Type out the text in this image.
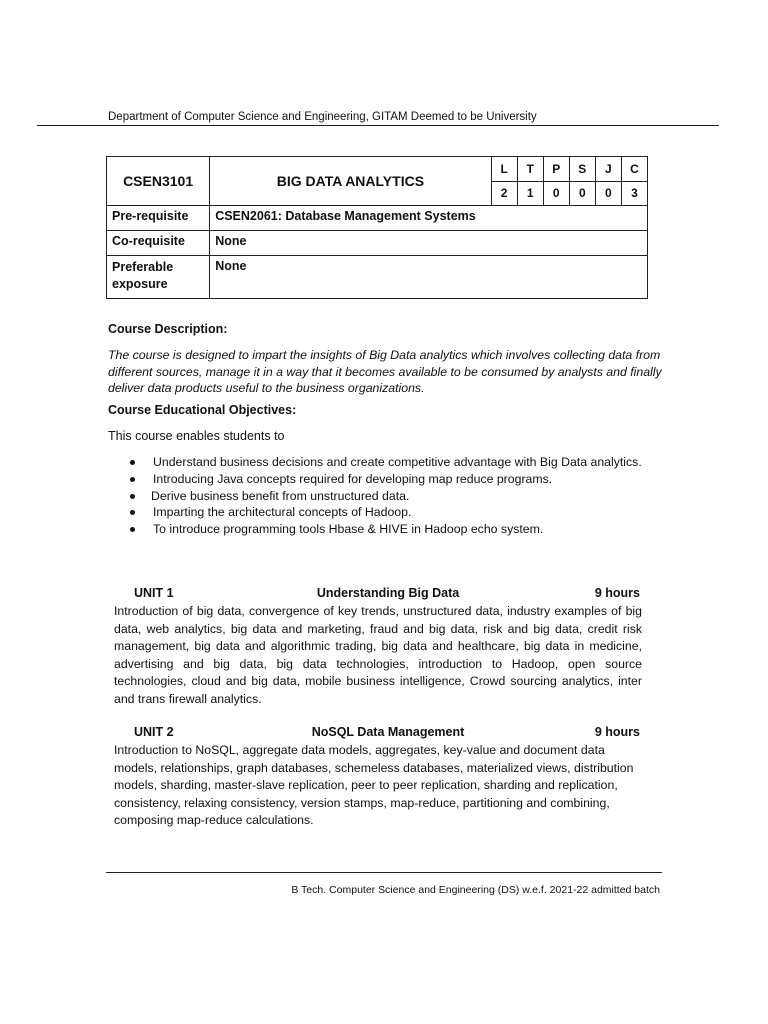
Department of Computer Science and Engineering, GITAM Deemed to be University
CSEN3101	BIG DATA ANALYTICS	L	T	P	S	J	C
		2	1	0	0	0	3
Pre-requisite	CSEN2061: Database Management Systems						
Co-requisite	None						
Preferable exposure	None						
Course Description:
The course is designed to impart the insights of Big Data analytics which involves collecting data from different sources, manage it in a way that it becomes available to be consumed by analysts and finally deliver data products useful to the business organizations.
Course Educational Objectives:
This course enables students to
Understand business decisions and create competitive advantage with Big Data analytics.
Introducing Java concepts required for developing map reduce programs.
Derive business benefit from unstructured data.
Imparting the architectural concepts of Hadoop.
To introduce programming tools Hbase & HIVE in Hadoop echo system.
Understanding Big Data
UNIT 1	9 hours
Introduction of big data, convergence of key trends, unstructured data, industry examples of big data, web analytics, big data and marketing, fraud and big data, risk and big data, credit risk management, big data and algorithmic trading, big data and healthcare, big data in medicine, advertising and big data, big data technologies, introduction to Hadoop, open source technologies, cloud and big data, mobile business intelligence, Crowd sourcing analytics, inter and trans firewall analytics.
NoSQL Data Management
UNIT 2	9 hours
Introduction to NoSQL, aggregate data models, aggregates, key-value and document data models, relationships, graph databases, schemeless databases, materialized views, distribution models, sharding, master-slave replication, peer to peer replication, sharding and replication, consistency, relaxing consistency, version stamps, map-reduce, partitioning and combining, composing map-reduce calculations.
B Tech. Computer Science and Engineering (DS) w.e.f. 2021-22 admitted batch
